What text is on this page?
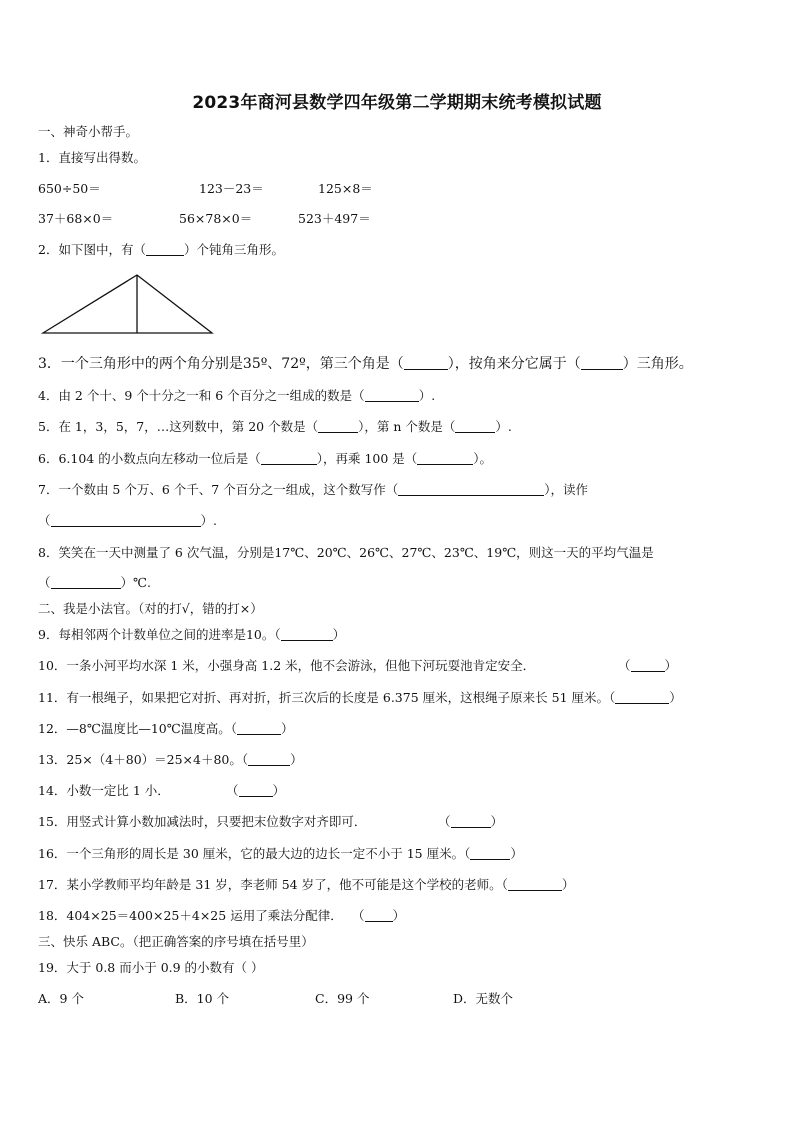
2023年商河县数学四年级第二学期期末统考模拟试题
一、神奇小帮手。
1．直接写出得数。
650÷50＝	123－23＝	125×8＝
37＋68×0＝	56×78×0＝	523＋497＝
2．如下图中，有（	）个钝角三角形。
3．一个三角形中的两个角分别是35º、72º，第三个角是（	），按角来分它属于（	）三角形。
4．由 2 个十、9 个十分之一和 6 个百分之一组成的数是（	）.
5．在 1，3，5，7，…这列数中，第 20 个数是（	），第 n 个数是（	）.
6．6.104 的小数点向左移动一位后是（	），再乘 100 是（	）。
7．一个数由 5 个万、6 个千、7 个百分之一组成，这个数写作（	），读作
（	）.
8．笑笑在一天中测量了 6 次气温，分别是17℃、20℃、26℃、27℃、23℃、19℃，则这一天的平均气温是
（	）℃.
二、我是小法官。（对的打√，错的打×）
9．每相邻两个计数单位之间的进率是10。（	）
10．一条小河平均水深 1 米，小强身高 1.2 米，他不会游泳，但他下河玩耍池肯定安全．	（	）
11．有一根绳子，如果把它对折、再对折，折三次后的长度是 6.375 厘米，这根绳子原来长 51 厘米。（	）
12．—8℃温度比—10℃温度高。（	）
13．25×（4＋80）＝25×4＋80。（	）
14．小数一定比 1 小．	（	）
15．用竖式计算小数加减法时，只要把末位数字对齐即可．	（	）
16．一个三角形的周长是 30 厘米，它的最大边的边长一定不小于 15 厘米。（	）
17．某小学教师平均年龄是 31 岁，李老师 54 岁了，他不可能是这个学校的老师。（	）
18．404×25＝400×25＋4×25 运用了乘法分配律． （ ）
三、快乐 ABC。（把正确答案的序号填在括号里）
19．大于 0.8 而小于 0.9 的小数有（ ）
A．9 个	B．10 个	C．99 个	D．无数个
